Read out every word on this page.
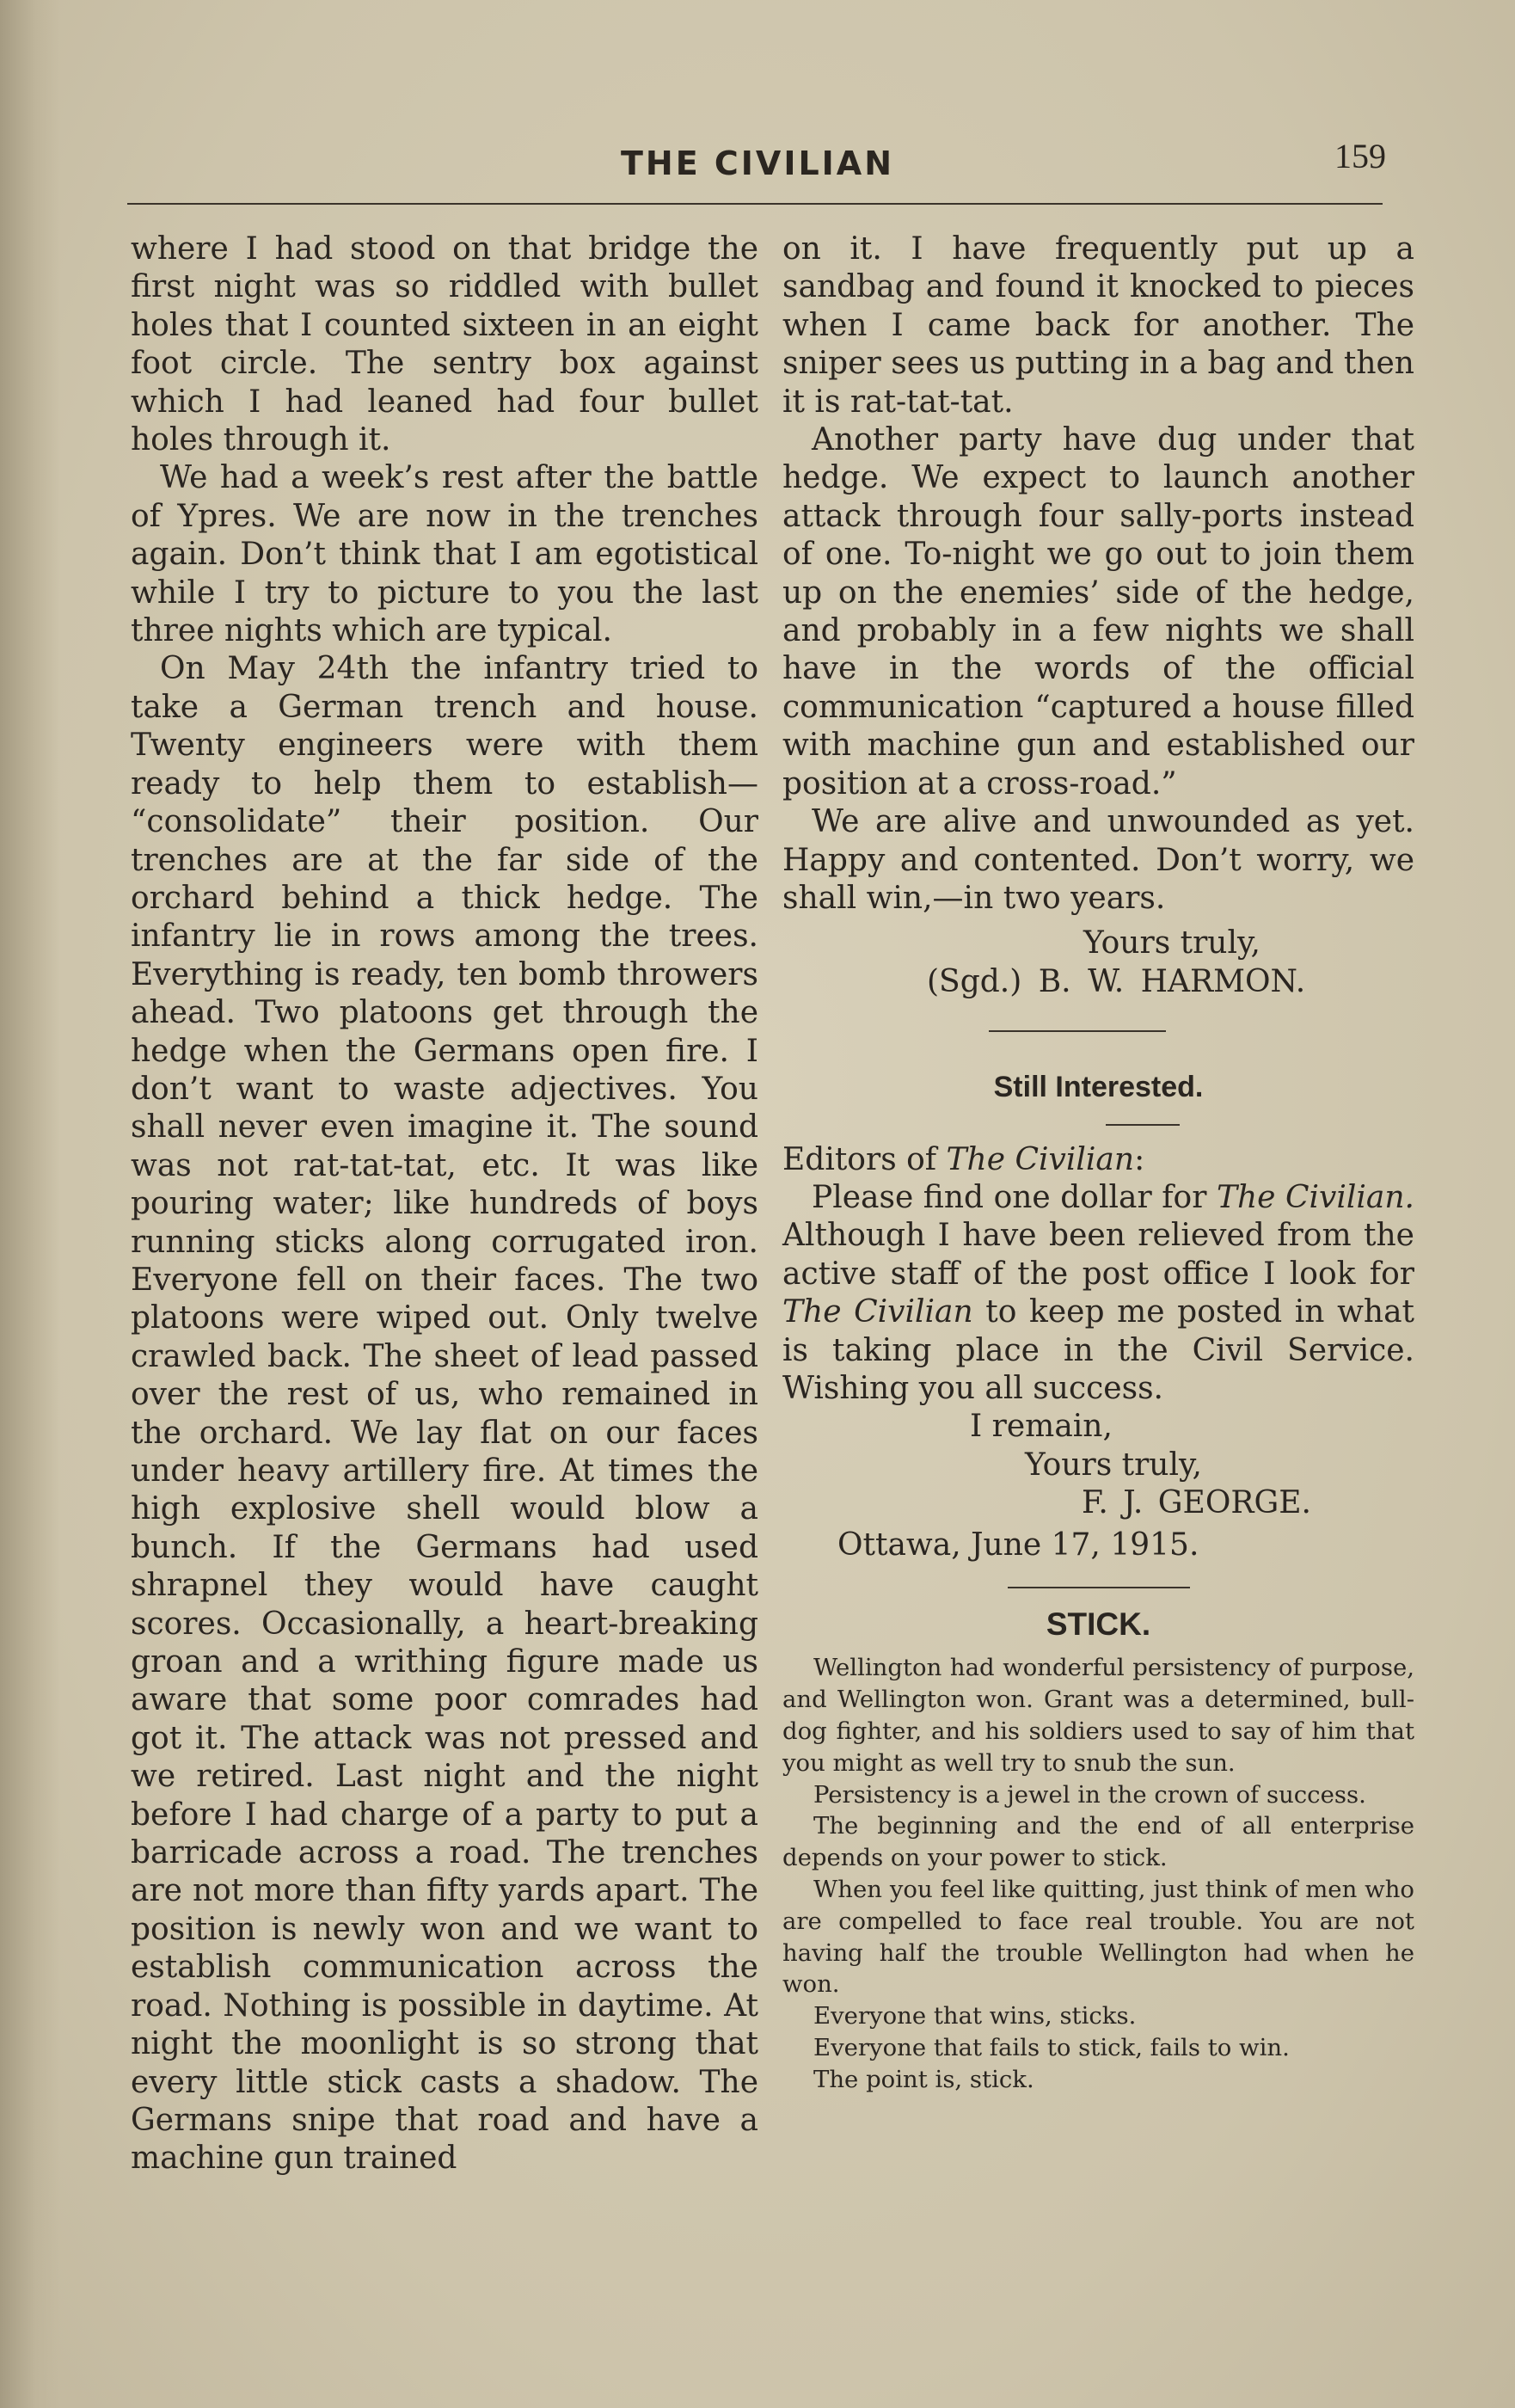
THE CIVILIAN	159

where I had stood on that bridge the first night was so riddled with bullet holes that I counted sixteen in an eight foot circle. The sentry box against which I had leaned had four bullet holes through it.

We had a week’s rest after the battle of Ypres. We are now in the trenches again. Don’t think that I am egotistical while I try to picture to you the last three nights which are typical.

On May 24th the infantry tried to take a German trench and house. Twenty engineers were with them ready to help them to establish— “consolidate” their position. Our trenches are at the far side of the orchard behind a thick hedge. The infantry lie in rows among the trees. Everything is ready, ten bomb throwers ahead. Two platoons get through the hedge when the Germans open fire. I don’t want to waste adjectives. You shall never even imagine it. The sound was not rat-tat-tat, etc. It was like pouring water; like hundreds of boys running sticks along corrugated iron. Everyone fell on their faces. The two platoons were wiped out. Only twelve crawled back. The sheet of lead passed over the rest of us, who remained in the orchard. We lay flat on our faces under heavy artillery fire. At times the high explosive shell would blow a bunch. If the Germans had used shrapnel they would have caught scores. Occasionally, a heart-breaking groan and a writhing figure made us aware that some poor comrades had got it. The attack was not pressed and we retired. Last night and the night before I had charge of a party to put a barricade across a road. The trenches are not more than fifty yards apart. The position is newly won and we want to establish communication across the road. Nothing is possible in daytime. At night the moonlight is so strong that every little stick casts a shadow. The Germans snipe that road and have a machine gun trained

on it. I have frequently put up a sandbag and found it knocked to pieces when I came back for another. The sniper sees us putting in a bag and then it is rat-tat-tat.

Another party have dug under that hedge. We expect to launch another attack through four sally-ports instead of one. To-night we go out to join them up on the enemies’ side of the hedge, and probably in a few nights we shall have in the words of the official communication “captured a house filled with machine gun and established our position at a cross-road.”

We are alive and unwounded as yet. Happy and contented. Don’t worry, we shall win,—in two years.

Yours truly,

(Sgd.) B. W. HARMON.

Still Interested.

Editors of The Civilian:

Please find one dollar for The Civilian. Although I have been relieved from the active staff of the post office I look for The Civilian to keep me posted in what is taking place in the Civil Service. Wishing you all success.

I remain,

Yours truly,

F. J. GEORGE.

Ottawa, June 17, 1915.

STICK.

Wellington had wonderful persistency of purpose, and Wellington won. Grant was a determined, bull-dog fighter, and his soldiers used to say of him that you might as well try to snub the sun.

Persistency is a jewel in the crown of success.

The beginning and the end of all enterprise depends on your power to stick.

When you feel like quitting, just think of men who are compelled to face real trouble. You are not having half the trouble Wellington had when he won.

Everyone that wins, sticks.

Everyone that fails to stick, fails to win.

The point is, stick.
